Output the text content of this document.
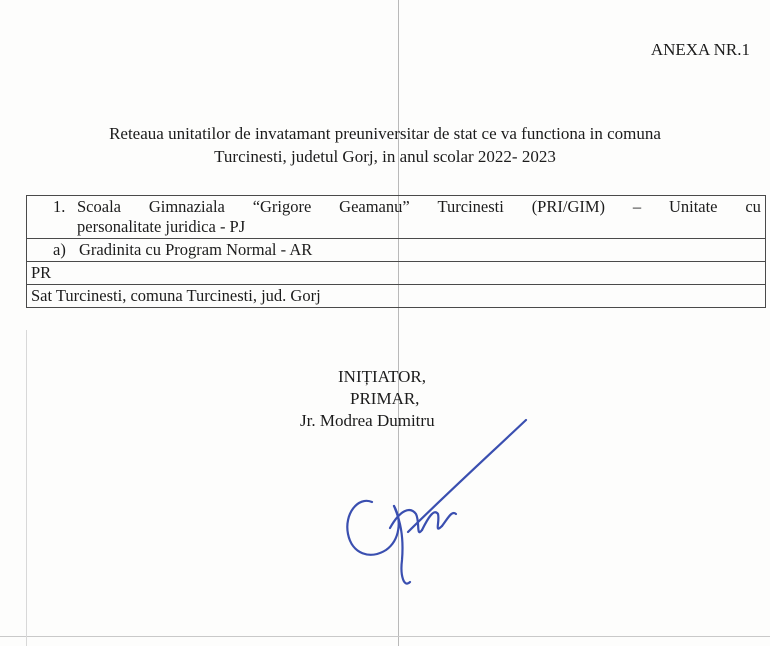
ANEXA NR.1
Reteaua unitatilor de invatamant preuniversitar de stat ce va functiona in comuna
Turcinesti, judetul Gorj, in anul scolar 2022- 2023
1. Scoala Gimnaziala “Grigore Geamanu” Turcinesti (PRI/GIM) – Unitate cu
personalitate juridica - PJ

a) Gradinita cu Program Normal - AR
PR
Sat Turcinesti, comuna Turcinesti, jud. Gorj
INIȚIATOR,
PRIMAR,
Jr. Modrea Dumitru
